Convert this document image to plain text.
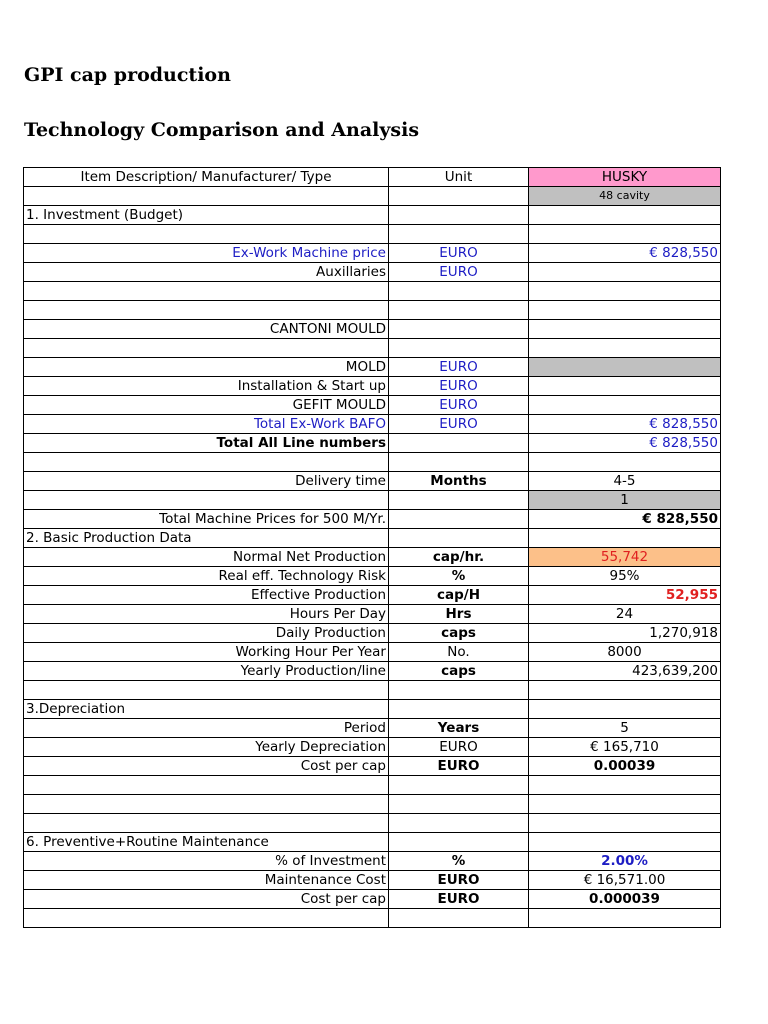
GPI cap production
Technology Comparison and Analysis
Item Description/ Manufacturer/ Type	Unit	HUSKY
		48 cavity
1. Investment (Budget)		

Ex-Work Machine price	EURO	€ 828,550
Auxillaries	EURO	

CANTONI MOULD		

MOLD	EURO	
Installation & Start up	EURO	
GEFIT MOULD	EURO	
Total Ex-Work BAFO	EURO	€ 828,550
Total All Line numbers		€ 828,550

Delivery time	Months	4-5
		1
Total Machine Prices for 500 M/Yr.		€ 828,550
2. Basic Production Data		
Normal Net Production	cap/hr.	55,742
Real eff. Technology Risk	%	95%
Effective Production	cap/H	52,955
Hours Per Day	Hrs	24
Daily Production	caps	1,270,918
Working Hour Per Year	No.	8000
Yearly Production/line	caps	423,639,200

3.Depreciation		
Period	Years	5
Yearly Depreciation	EURO	€ 165,710
Cost per cap	EURO	0.00039

6. Preventive+Routine Maintenance		
% of Investment	%	2.00%
Maintenance Cost	EURO	€ 16,571.00
Cost per cap	EURO	0.000039
